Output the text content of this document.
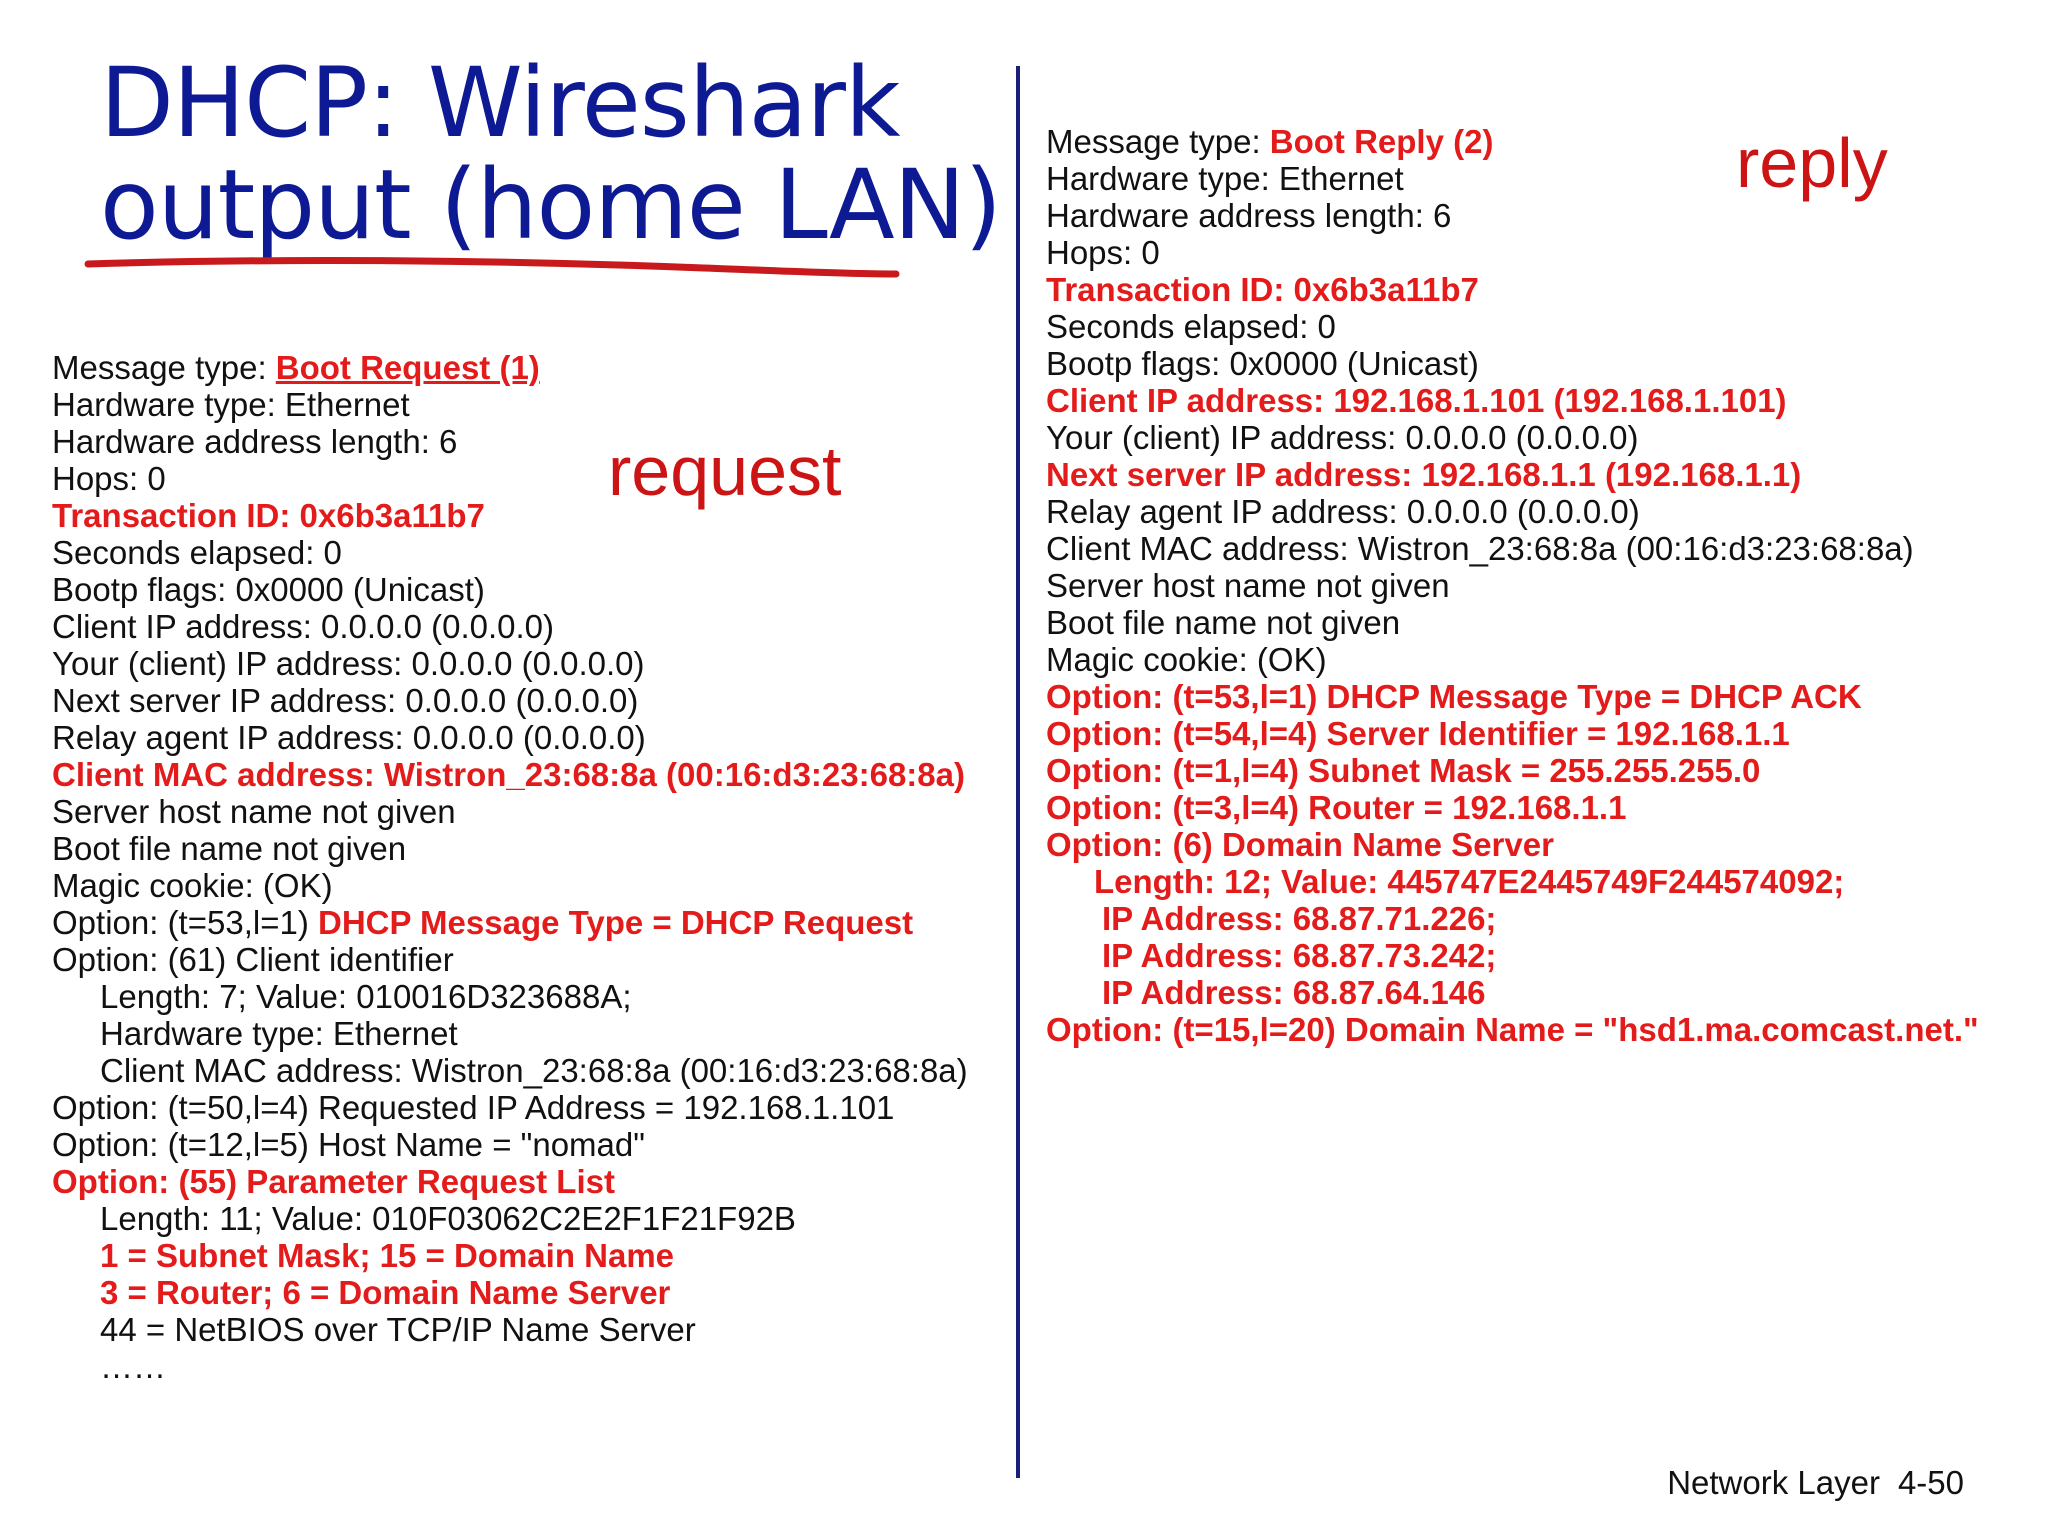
DHCP: Wireshark
output (home LAN)
request
reply
Message type: Boot Request (1)
Hardware type: Ethernet
Hardware address length: 6
Hops: 0
Transaction ID: 0x6b3a11b7
Seconds elapsed: 0
Bootp flags: 0x0000 (Unicast)
Client IP address: 0.0.0.0 (0.0.0.0)
Your (client) IP address: 0.0.0.0 (0.0.0.0)
Next server IP address: 0.0.0.0 (0.0.0.0)
Relay agent IP address: 0.0.0.0 (0.0.0.0)
Client MAC address: Wistron_23:68:8a (00:16:d3:23:68:8a)
Server host name not given
Boot file name not given
Magic cookie: (OK)
Option: (t=53,l=1) DHCP Message Type = DHCP Request
Option: (61) Client identifier
Length: 7; Value: 010016D323688A;
Hardware type: Ethernet
Client MAC address: Wistron_23:68:8a (00:16:d3:23:68:8a)
Option: (t=50,l=4) Requested IP Address = 192.168.1.101
Option: (t=12,l=5) Host Name = "nomad"
Option: (55) Parameter Request List
Length: 11; Value: 010F03062C2E2F1F21F92B
1 = Subnet Mask; 15 = Domain Name
3 = Router; 6 = Domain Name Server
44 = NetBIOS over TCP/IP Name Server
……
Message type: Boot Reply (2)
Hardware type: Ethernet
Hardware address length: 6
Hops: 0
Transaction ID: 0x6b3a11b7
Seconds elapsed: 0
Bootp flags: 0x0000 (Unicast)
Client IP address: 192.168.1.101 (192.168.1.101)
Your (client) IP address: 0.0.0.0 (0.0.0.0)
Next server IP address: 192.168.1.1 (192.168.1.1)
Relay agent IP address: 0.0.0.0 (0.0.0.0)
Client MAC address: Wistron_23:68:8a (00:16:d3:23:68:8a)
Server host name not given
Boot file name not given
Magic cookie: (OK)
Option: (t=53,l=1) DHCP Message Type = DHCP ACK
Option: (t=54,l=4) Server Identifier = 192.168.1.1
Option: (t=1,l=4) Subnet Mask = 255.255.255.0
Option: (t=3,l=4) Router = 192.168.1.1
Option: (6) Domain Name Server
Length: 12; Value: 445747E2445749F244574092;
IP Address: 68.87.71.226;
IP Address: 68.87.73.242;
IP Address: 68.87.64.146
Option: (t=15,l=20) Domain Name = "hsd1.ma.comcast.net."
Network Layer 4-50
